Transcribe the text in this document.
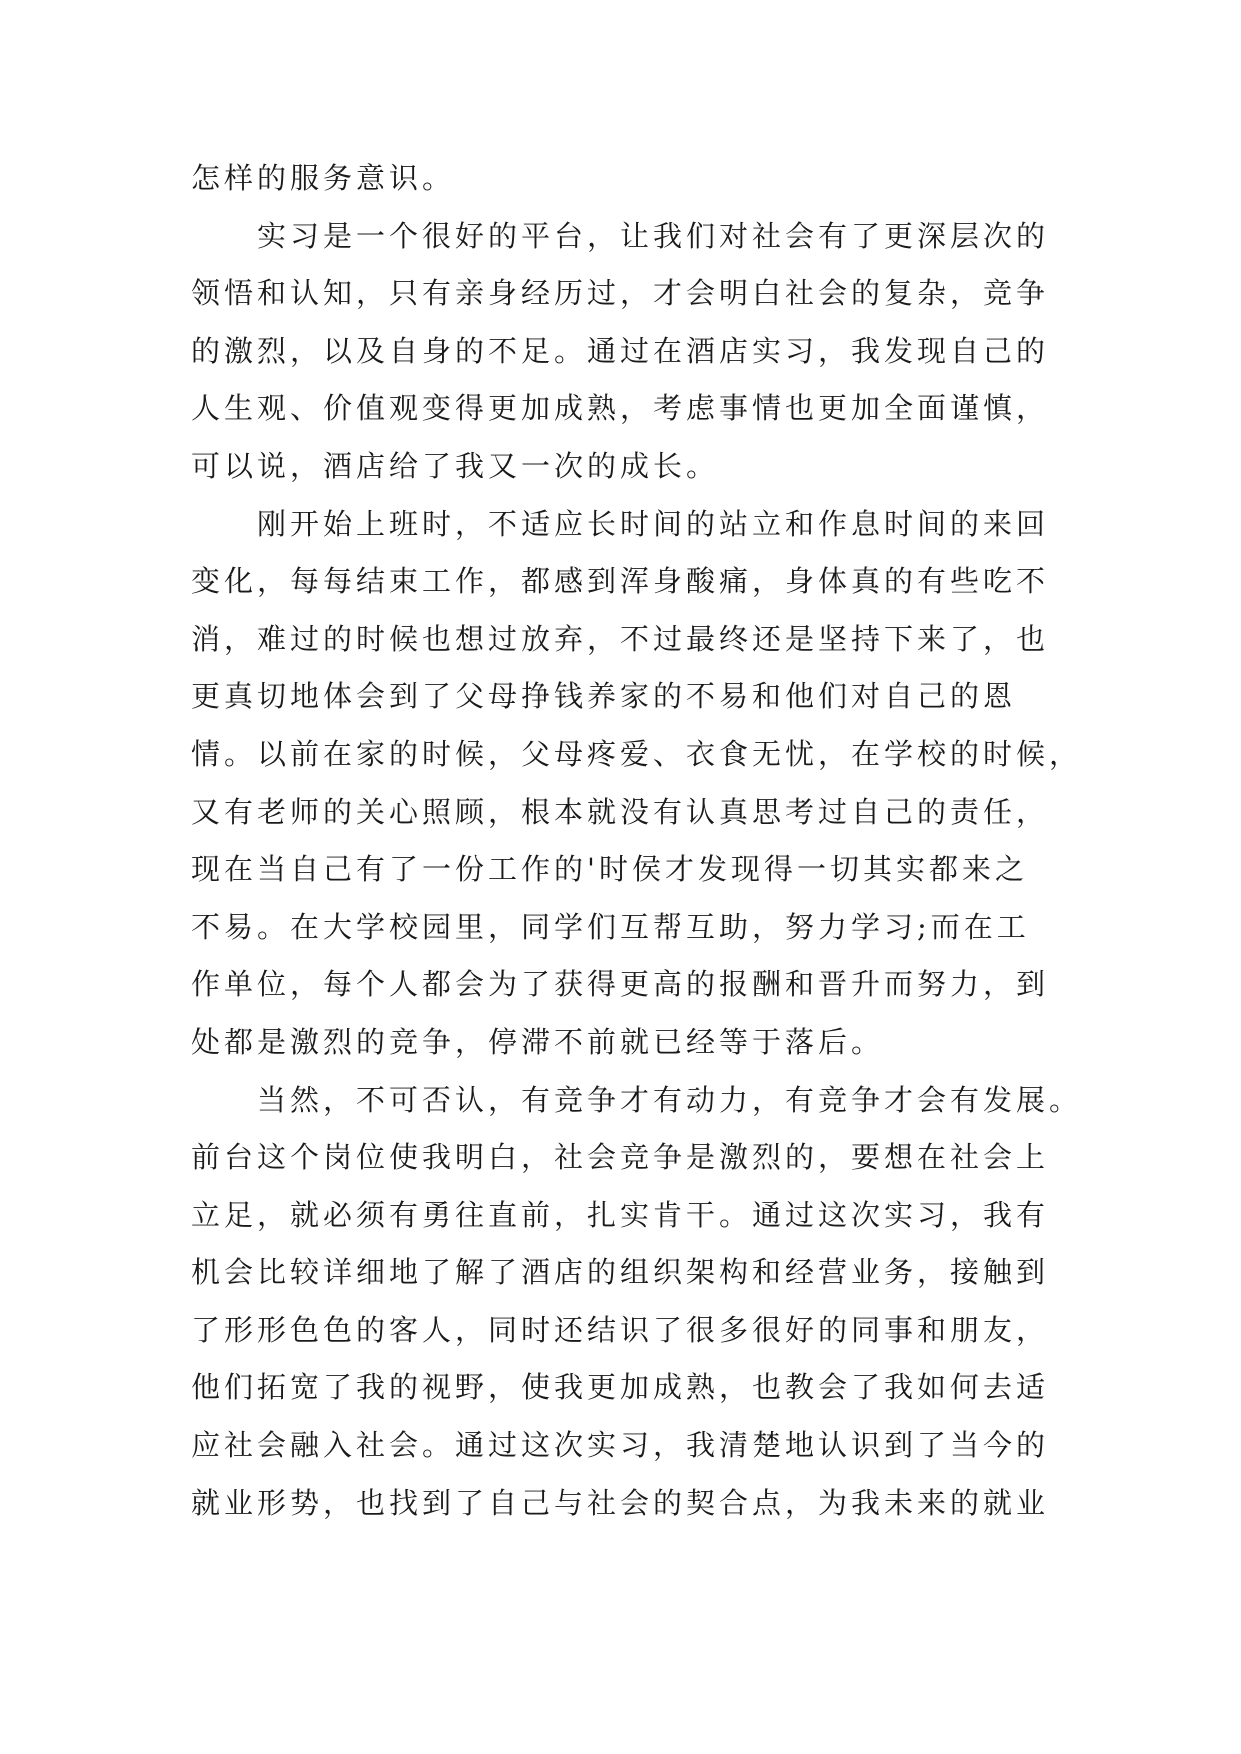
怎样的服务意识。
实习是一个很好的平台，让我们对社会有了更深层次的
领悟和认知，只有亲身经历过，才会明白社会的复杂，竞争
的激烈，以及自身的不足。通过在酒店实习，我发现自己的
人生观、价值观变得更加成熟，考虑事情也更加全面谨慎，
可以说，酒店给了我又一次的成长。
刚开始上班时，不适应长时间的站立和作息时间的来回
变化，每每结束工作，都感到浑身酸痛，身体真的有些吃不
消，难过的时候也想过放弃，不过最终还是坚持下来了，也
更真切地体会到了父母挣钱养家的不易和他们对自己的恩
情。以前在家的时候，父母疼爱、衣食无忧，在学校的时候，
又有老师的关心照顾，根本就没有认真思考过自己的责任，
现在当自己有了一份工作的'时侯才发现得一切其实都来之
不易。在大学校园里，同学们互帮互助，努力学习;而在工
作单位，每个人都会为了获得更高的报酬和晋升而努力，到
处都是激烈的竞争，停滞不前就已经等于落后。
当然，不可否认，有竞争才有动力，有竞争才会有发展。
前台这个岗位使我明白，社会竞争是激烈的，要想在社会上
立足，就必须有勇往直前，扎实肯干。通过这次实习，我有
机会比较详细地了解了酒店的组织架构和经营业务，接触到
了形形色色的客人，同时还结识了很多很好的同事和朋友，
他们拓宽了我的视野，使我更加成熟，也教会了我如何去适
应社会融入社会。通过这次实习，我清楚地认识到了当今的
就业形势，也找到了自己与社会的契合点，为我未来的就业
